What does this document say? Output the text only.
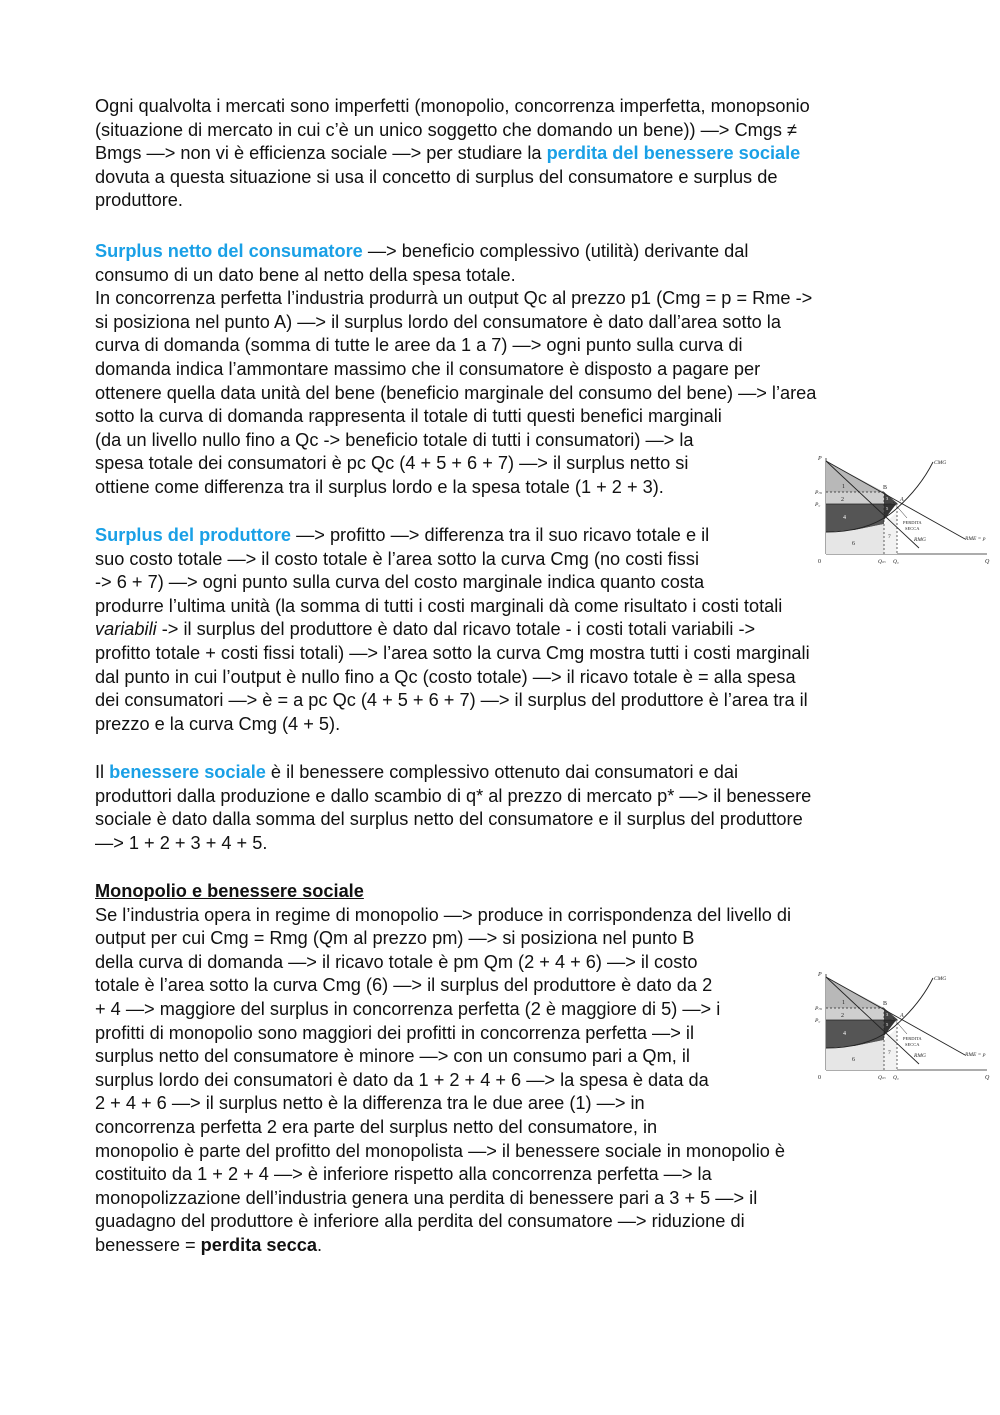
Ogni qualvolta i mercati sono imperfetti (monopolio, concorrenza imperfetta, monopsonio
(situazione di mercato in cui c’è un unico soggetto che domando un bene)) —> Cmgs ≠
Bmgs —> non vi è efficienza sociale —> per studiare la perdita del benessere sociale
dovuta a questa situazione si usa il concetto di surplus del consumatore e surplus de
produttore.
Surplus netto del consumatore —> beneficio complessivo (utilità) derivante dal
consumo di un dato bene al netto della spesa totale.
In concorrenza perfetta l’industria produrrà un output Qc al prezzo p1 (Cmg = p = Rme ->
si posiziona nel punto A) —> il surplus lordo del consumatore è dato dall’area sotto la
curva di domanda (somma di tutte le aree da 1 a 7) —> ogni punto sulla curva di
domanda indica l’ammontare massimo che il consumatore è disposto a pagare per
ottenere quella data unità del bene (beneficio marginale del consumo del bene) —> l’area
sotto la curva di domanda rappresenta il totale di tutti questi benefici marginali
(da un livello nullo fino a Qc -> beneficio totale di tutti i consumatori) —> la
spesa totale dei consumatori è pc Qc (4 + 5 + 6 + 7) —> il surplus netto si
ottiene come differenza tra il surplus lordo e la spesa totale (1 + 2 + 3).
Surplus del produttore —> profitto —> differenza tra il suo ricavo totale e il
suo costo totale —> il costo totale è l’area sotto la curva Cmg (no costi fissi
-> 6 + 7) —> ogni punto sulla curva del costo marginale indica quanto costa
produrre l’ultima unità (la somma di tutti i costi marginali dà come risultato i costi totali
variabili -> il surplus del produttore è dato dal ricavo totale - i costi totali variabili ->
profitto totale + costi fissi totali) —> l’area sotto la curva Cmg mostra tutti i costi marginali
dal punto in cui l’output è nullo fino a Qc (costo totale) —> il ricavo totale è = alla spesa
dei consumatori —> è = a pc Qc (4 + 5 + 6 + 7) —> il surplus del produttore è l’area tra il
prezzo e la curva Cmg (4 + 5).
Il benessere sociale è il benessere complessivo ottenuto dai consumatori e dai
produttori dalla produzione e dallo scambio di q* al prezzo di mercato p* —> il benessere
sociale è dato dalla somma del surplus netto del consumatore e il surplus del produttore
—> 1 + 2 + 3 + 4 + 5.
Monopolio e benessere sociale
Se l’industria opera in regime di monopolio —> produce in corrispondenza del livello di
output per cui Cmg = Rmg (Qm al prezzo pm) —> si posiziona nel punto B
della curva di domanda —> il ricavo totale è pm Qm (2 + 4 + 6) —> il costo
totale è l’area sotto la curva Cmg (6) —> il surplus del produttore è dato da 2
+ 4 —> maggiore del surplus in concorrenza perfetta (2 è maggiore di 5) —> i
profitti di monopolio sono maggiori dei profitti in concorrenza perfetta —> il
surplus netto del consumatore è minore —> con un consumo pari a Qm, il
surplus lordo dei consumatori è dato da 1 + 2 + 4 + 6 —> la spesa è data da
2 + 4 + 6 —> il surplus netto è la differenza tra le due aree (1) —> in
concorrenza perfetta 2 era parte del surplus netto del consumatore, in
monopolio è parte del profitto del monopolista —> il benessere sociale in monopolio è
costituito da 1 + 2 + 4 —> è inferiore rispetto alla concorrenza perfetta —> la
monopolizzazione dell’industria genera una perdita di benessere pari a 3 + 5 —> il
guadagno del produttore è inferiore alla perdita del consumatore —> riduzione di
benessere = perdita secca.
P
Q
0
Pₘ
P꜀
Qₘ Q꜀
B
A
CMG
RMG	RME = p
1
2	3
4
5
6
7
PERDITA
SECCA
P
Q
0
Pₘ
P꜀
Qₘ Q꜀
B
A
CMG
RMG	RME = p
1
2	3
4
5
6
7
PERDITA
SECCA
